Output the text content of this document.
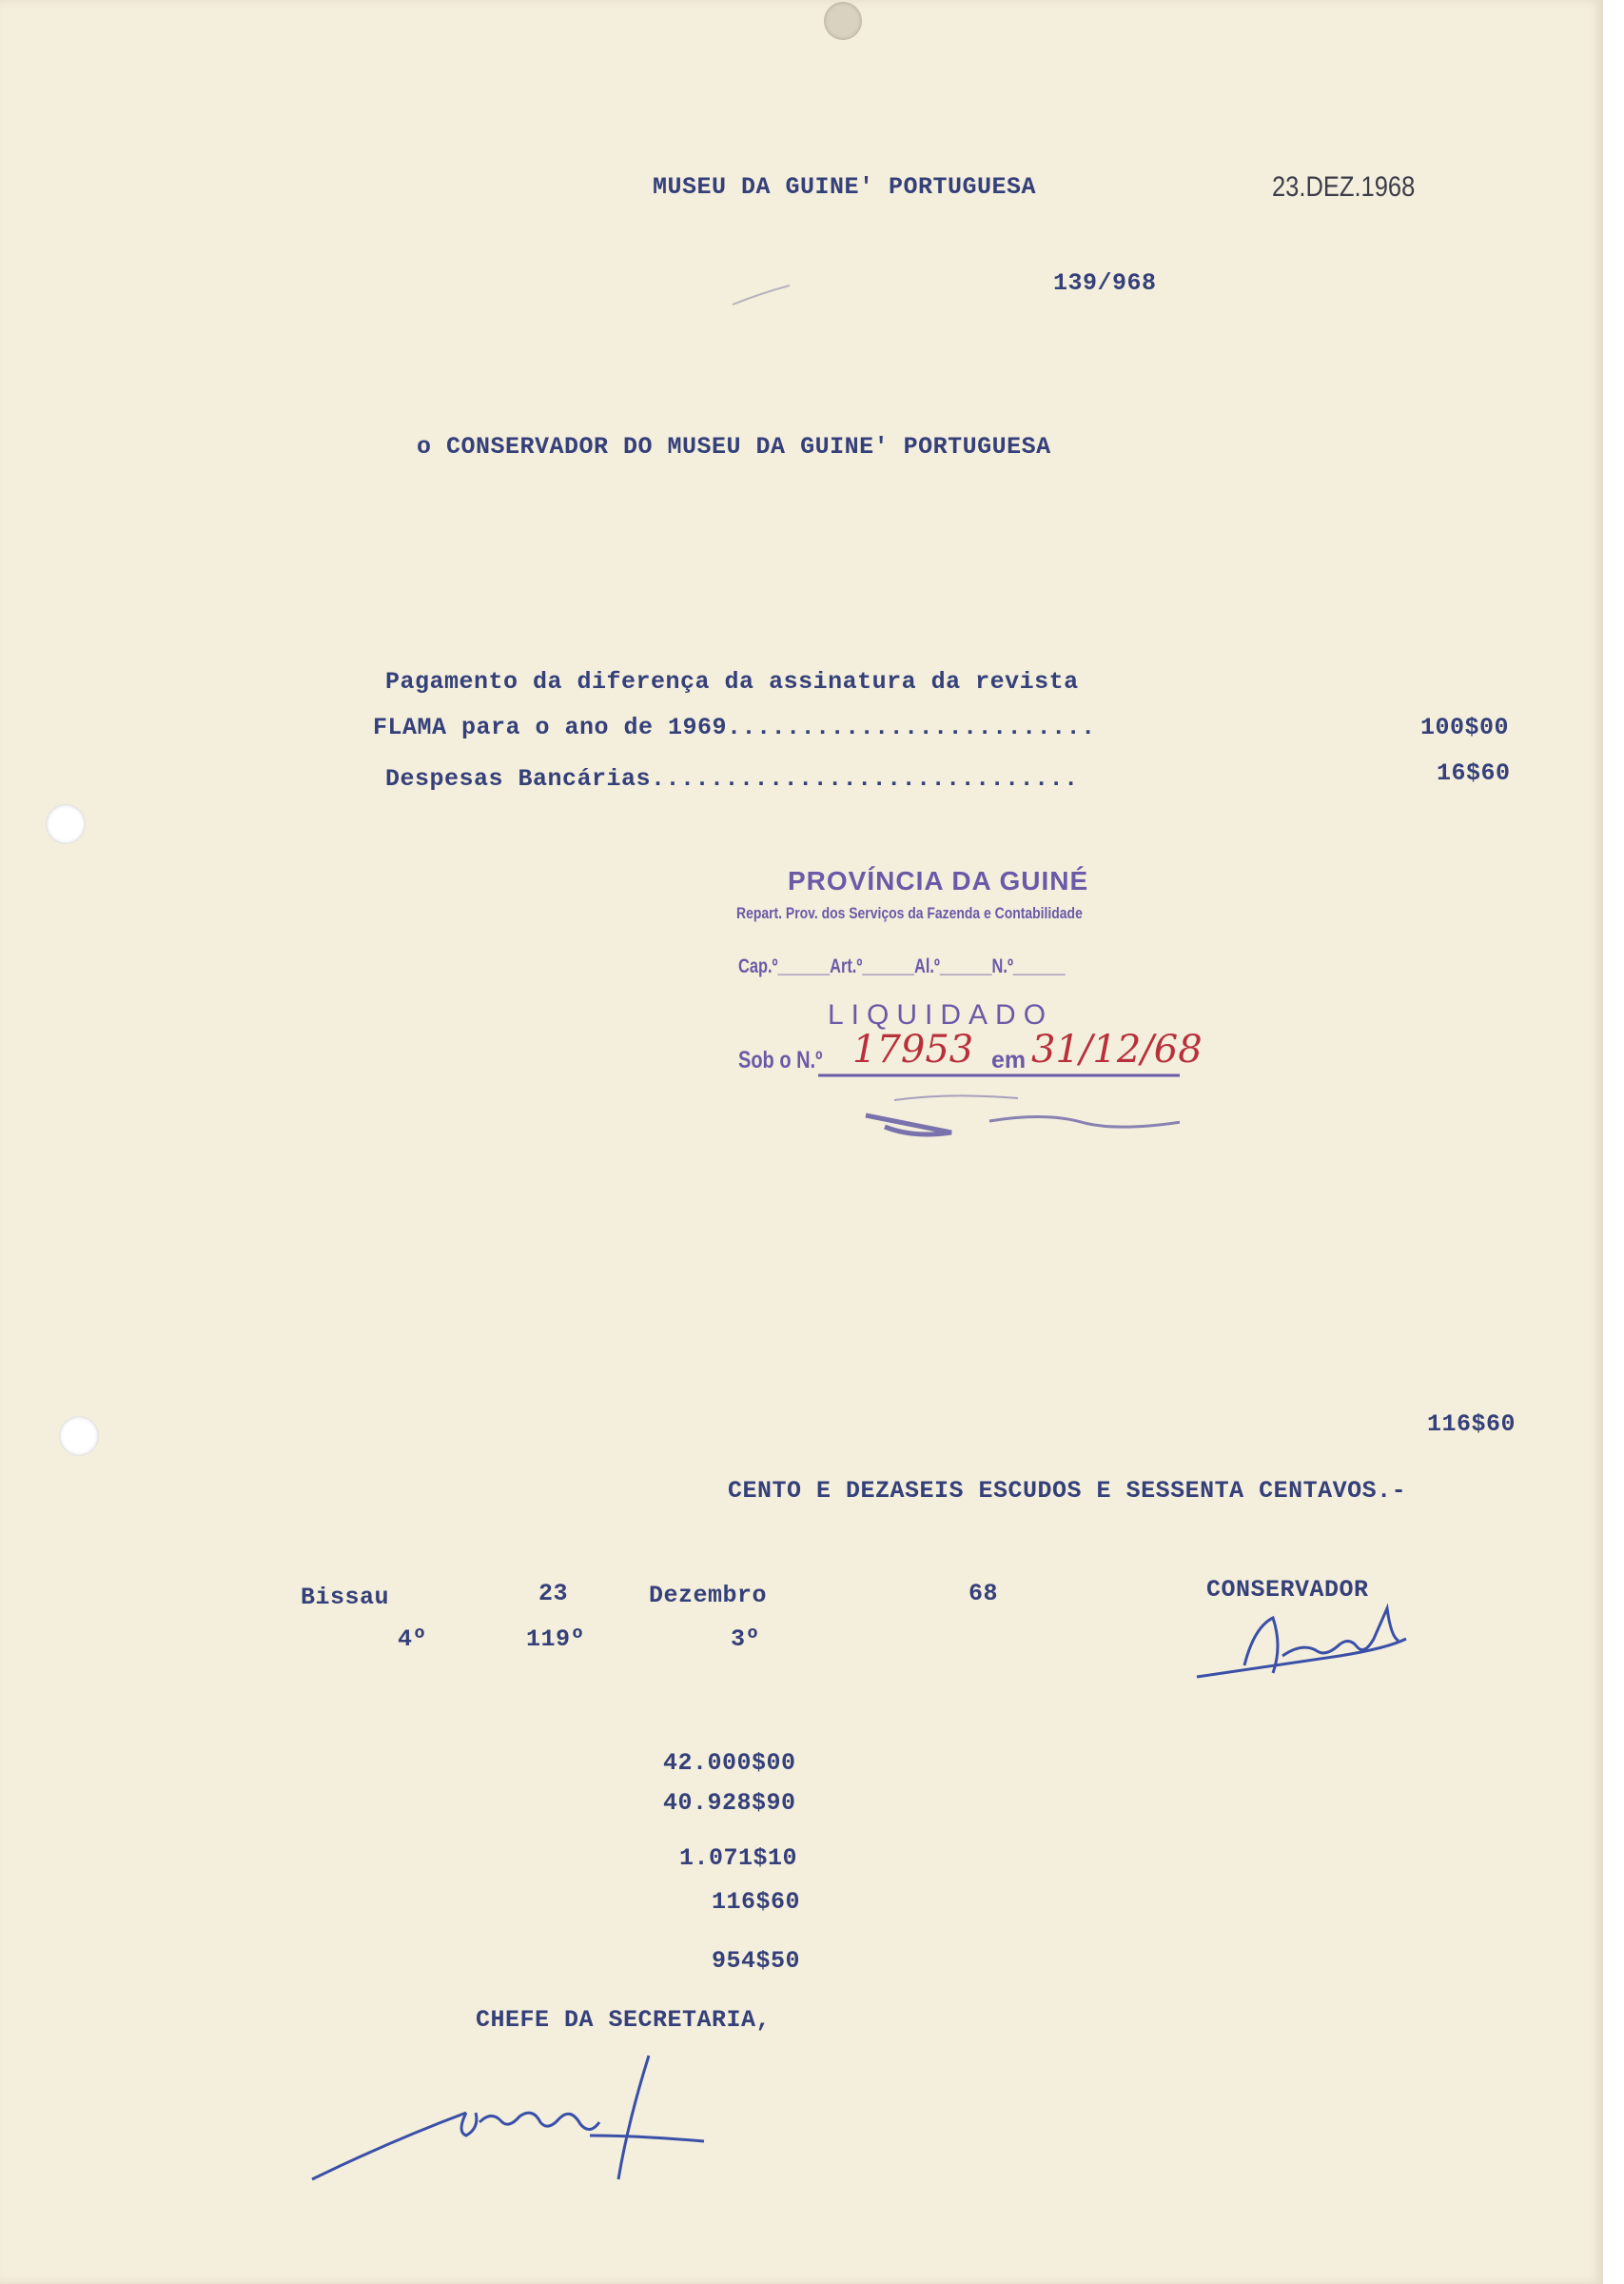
MUSEU DA GUINE' PORTUGUESA	23.DEZ.1968
139/968
o CONSERVADOR DO MUSEU DA GUINE' PORTUGUESA
Pagamento da diferença da assinatura da revista
FLAMA para o ano de 1969.........................	100$00
Despesas Bancárias.............................	16$60
PROVÍNCIA DA GUINÉ
Repart. Prov. dos Serviços da Fazenda e Contabilidade
Cap.º______Art.º______Al.º______N.º______
LIQUIDADO
Sob o N.º 17953 em 31/12/68
116$60
CENTO E DEZASEIS ESCUDOS E SESSENTA CENTAVOS.-
Bissau	23	Dezembro	68	CONSERVADOR
4º	119º	3º
42.000$00
40.928$90
1.071$10
116$60
954$50
CHEFE DA SECRETARIA,
